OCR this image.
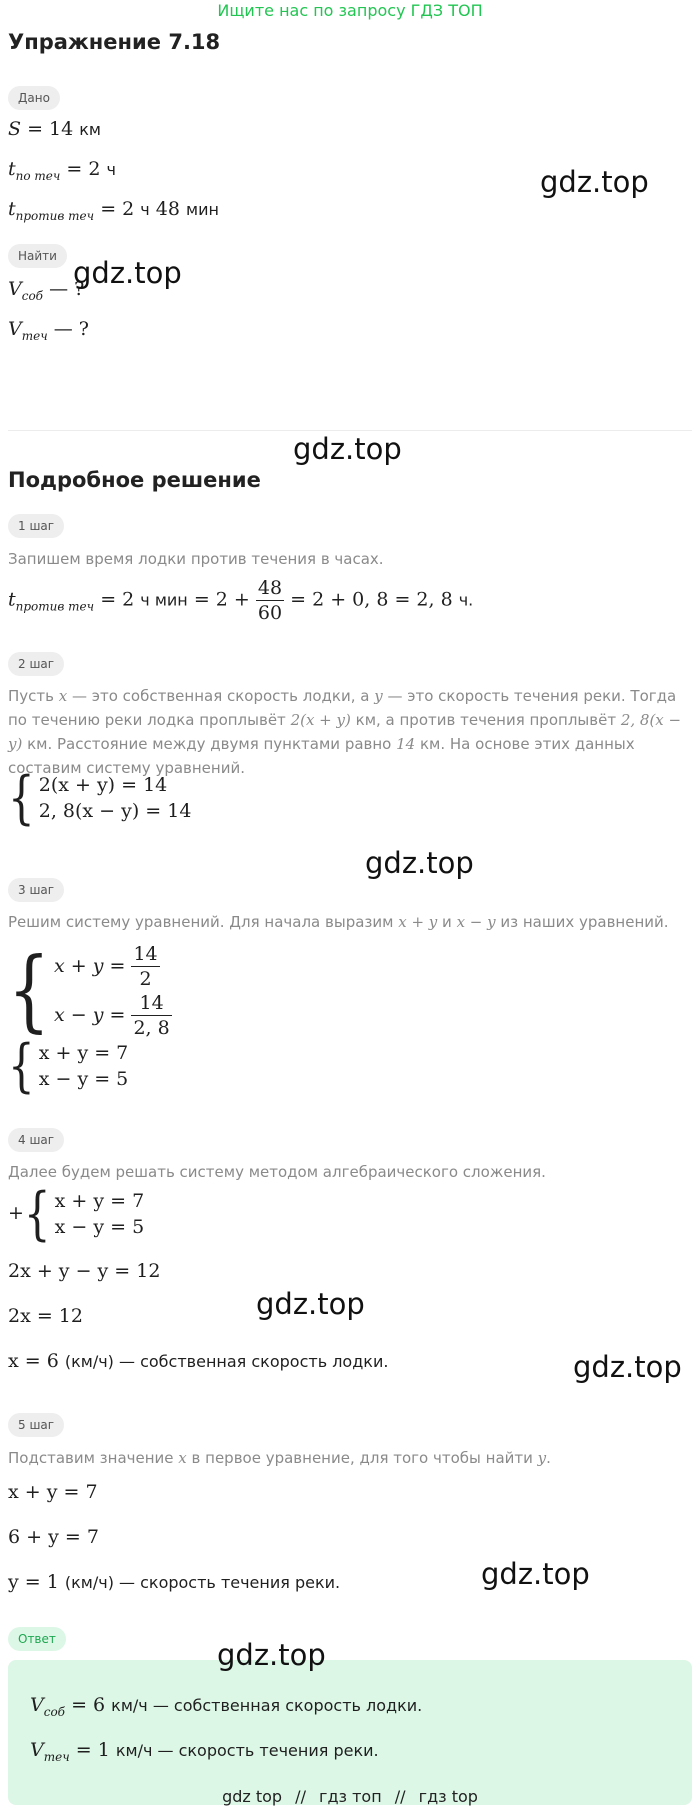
Ищите нас по запросу ГДЗ ТОП
Упражнение 7.18
Дано
S = 14 км
$t_{по теч} = 2$ ч
$t_{против теч} = 2$ ч 48 мин
Найти
$V_{соб}$ — ?
$V_{теч}$ — ?
Подробное решение
1 шаг
Запишем время лодки против течения в часах.
$t_{против теч} = 2$ ч мин = $2 + \frac{48}{60} = 2 + 0$, 8 = 2, 8 ч.
2 шаг
Пусть x — это собственная скорость лодки, а y — это скорость течения реки. Тогда по течению реки лодка проплывёт 2(x + y) км, а против течения проплывёт 2, 8(x − y) км. Расстояние между двумя пунктами равно 14 км. На основе этих данных составим систему уравнений.
{ 2(x + y) = 14
2, 8(x − y) = 14
3 шаг
Решим систему уравнений. Для начала выразим x + y и x − y из наших уравнений.
{ $x + y = \frac{14}{2}$

$x - y = \frac{14}{2, 8}$
{ x + y = 7
x − y = 5
4 шаг
Далее будем решать систему методом алгебраического сложения.
+{ x + y = 7
x − y = 5
2x + y − y = 12
2x = 12
x = 6 (км/ч) — собственная скорость лодки.
5 шаг
Подставим значение x в первое уравнение, для того чтобы найти y.
x + y = 7
6 + y = 7
y = 1 (км/ч) — скорость течения реки.
Ответ
$V_{соб} = 6$ км/ч — собственная скорость лодки.
$V_{теч} = 1$ км/ч — скорость течения реки.
gdz.top
gdz.top
gdz.top
gdz.top
gdz.top
gdz.top
gdz.top
gdz.top
gdz top // гдз топ // гдз top
